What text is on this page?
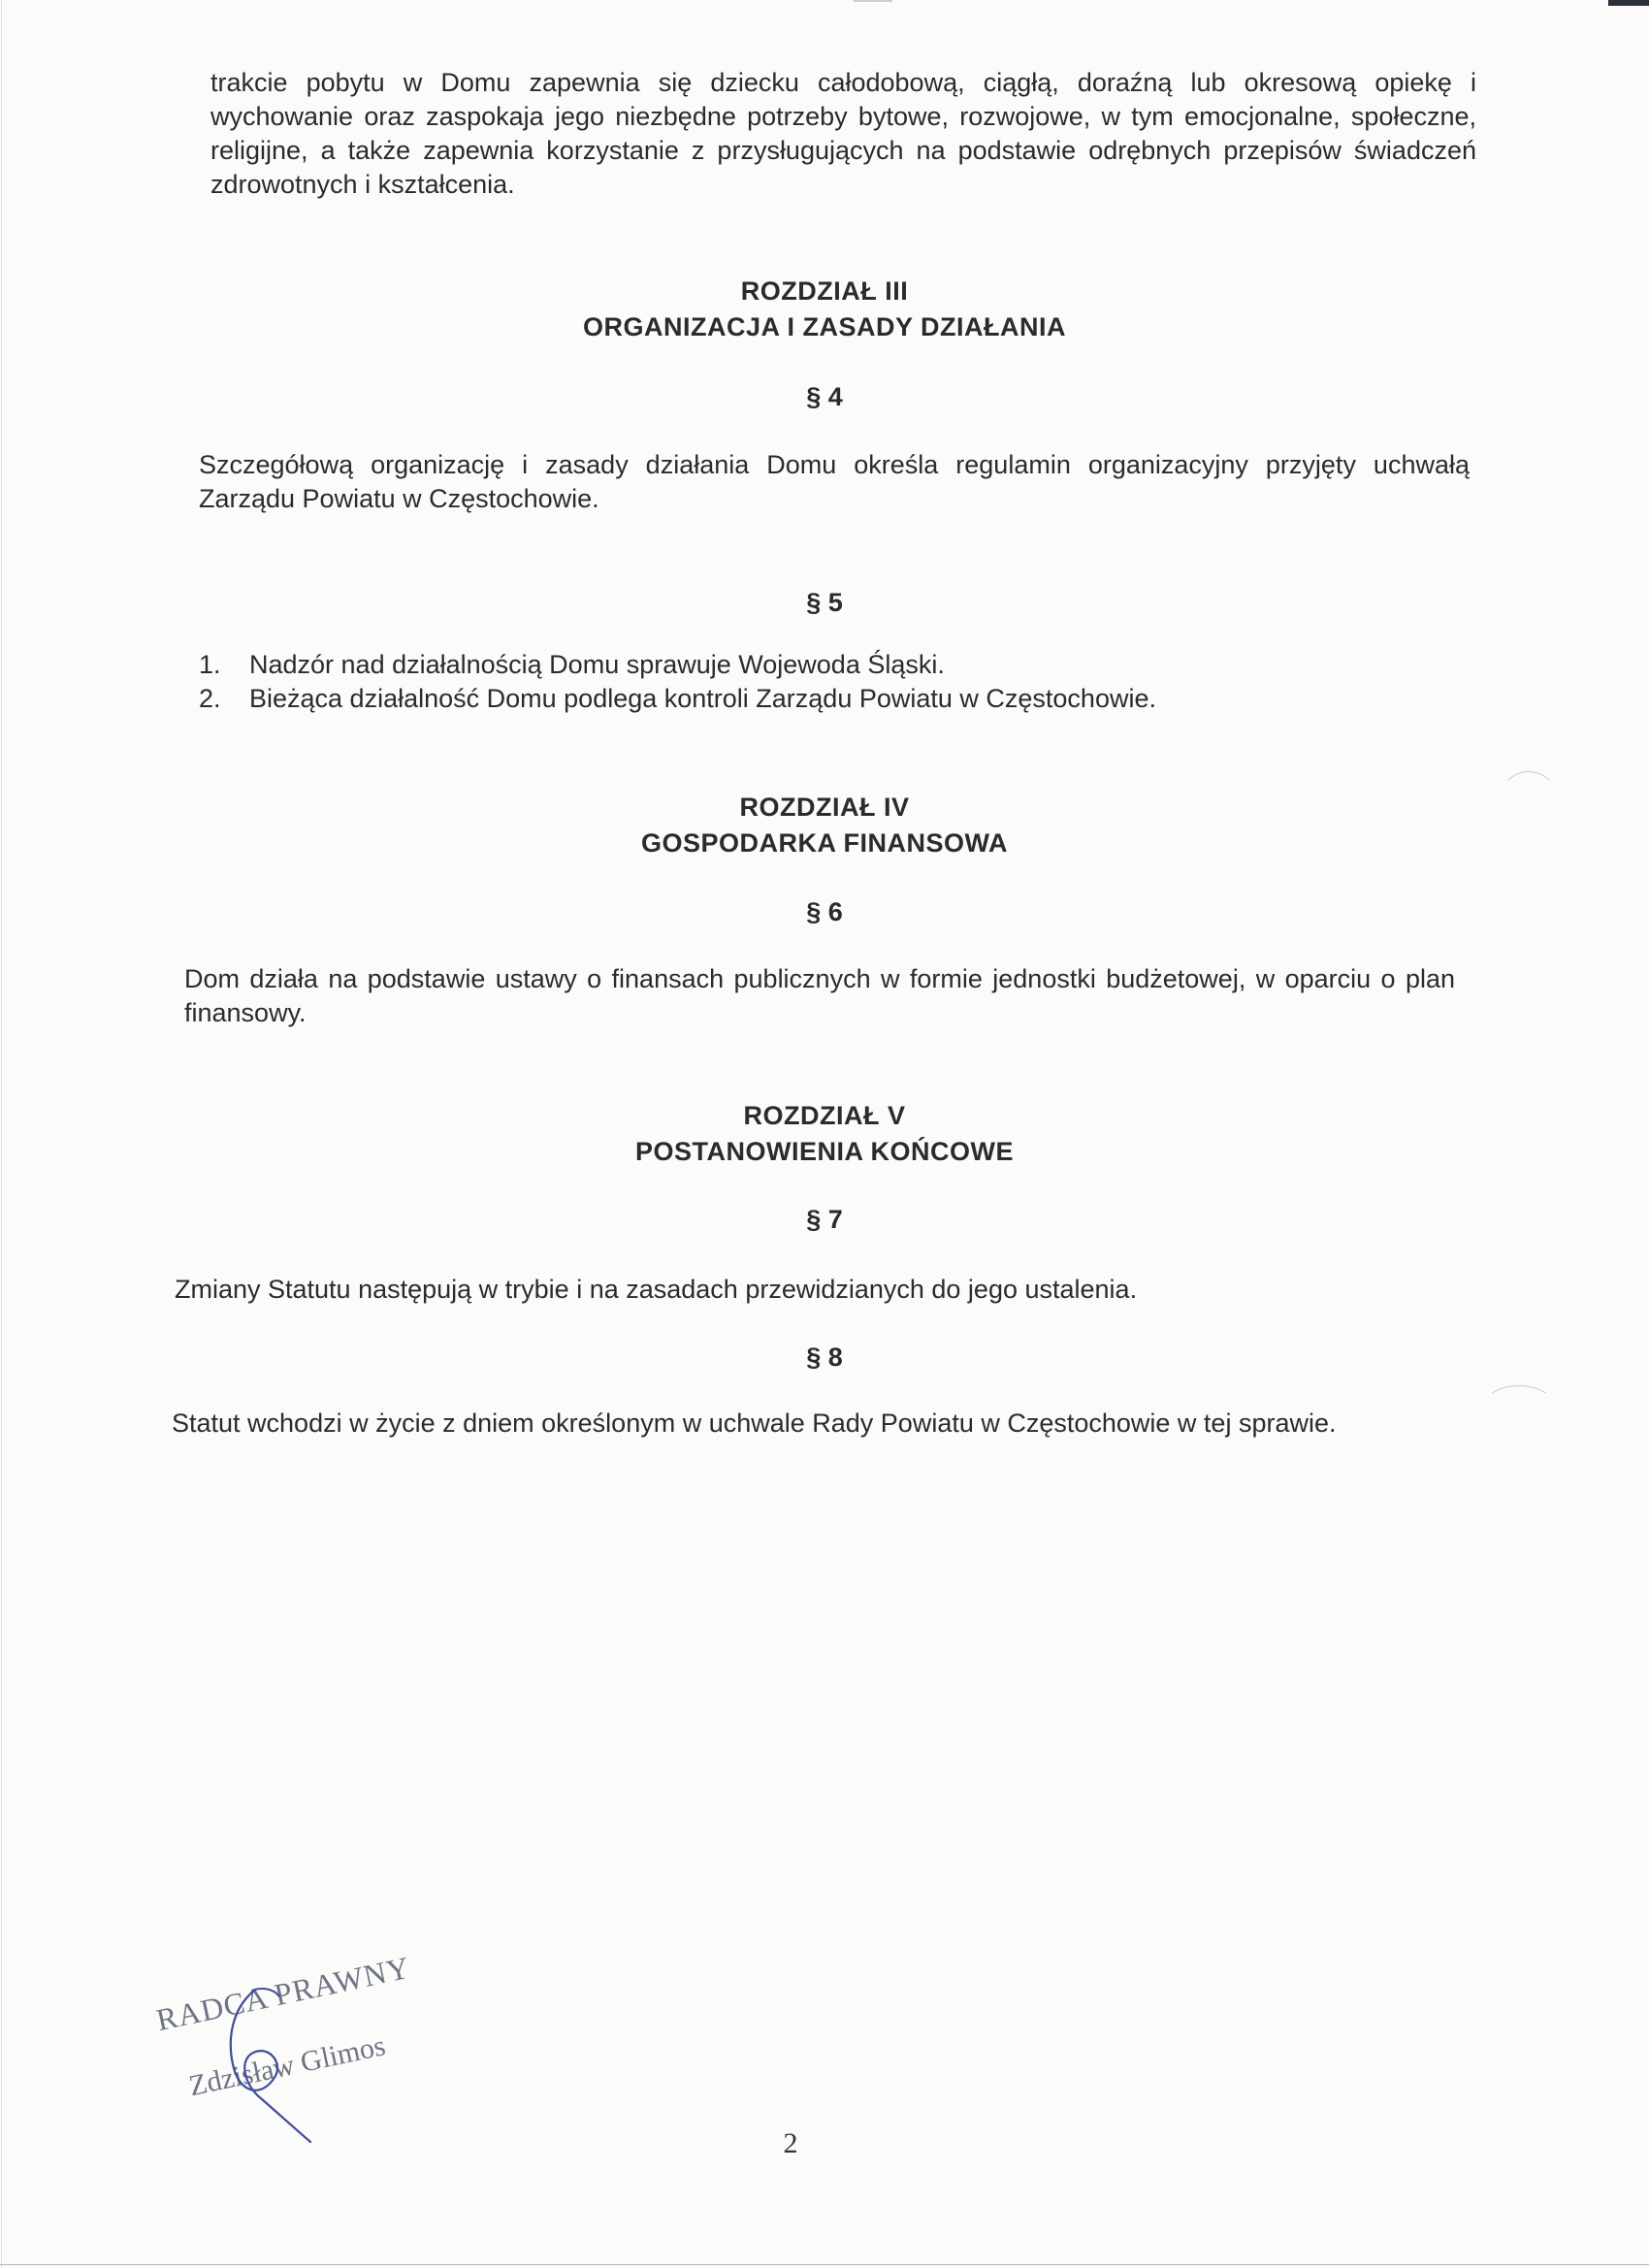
trakcie pobytu w Domu zapewnia się dziecku całodobową, ciągłą, doraźną lub okresową opiekę i wychowanie oraz zaspokaja jego niezbędne potrzeby bytowe, rozwojowe, w tym emocjonalne, społeczne, religijne, a także zapewnia korzystanie z przysługujących na podstawie odrębnych przepisów świadczeń zdrowotnych i kształcenia.

ROZDZIAŁ III

ORGANIZACJA I ZASADY DZIAŁANIA

§ 4

Szczegółową organizację i zasady działania Domu określa regulamin organizacyjny przyjęty uchwałą Zarządu Powiatu w Częstochowie.

§ 5

1.	Nadzór nad działalnością Domu sprawuje Wojewoda Śląski.
2.	Bieżąca działalność Domu podlega kontroli Zarządu Powiatu w Częstochowie.

ROZDZIAŁ IV

GOSPODARKA FINANSOWA

§ 6

Dom działa na podstawie ustawy o finansach publicznych w formie jednostki budżetowej, w oparciu o plan finansowy.

ROZDZIAŁ V

POSTANOWIENIA KOŃCOWE

§ 7

Zmiany Statutu następują w trybie i na zasadach przewidzianych do jego ustalenia.

§ 8

Statut wchodzi w życie z dniem określonym w uchwale Rady Powiatu w Częstochowie w tej sprawie.

RADCA PRAWNY
Zdzisław Glimos
2
